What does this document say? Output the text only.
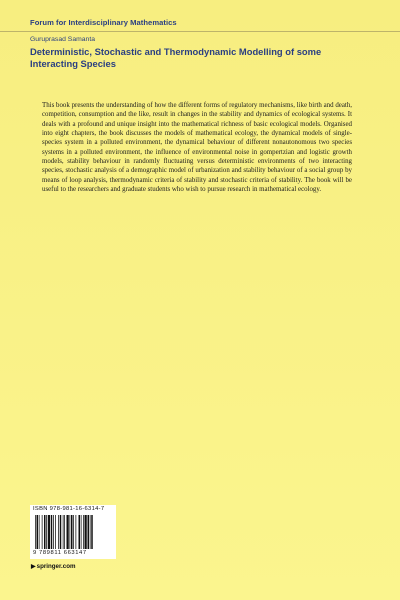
Forum for Interdisciplinary Mathematics
Guruprasad Samanta
Deterministic, Stochastic and Thermodynamic Modelling of some Interacting Species
This book presents the understanding of how the different forms of regulatory mechanisms, like birth and death, competition, consumption and the like, result in changes in the stability and dynamics of ecological systems. It deals with a profound and unique insight into the mathematical richness of basic ecological models. Organised into eight chapters, the book discusses the models of mathematical ecology, the dynamical models of single-species system in a polluted environment, the dynamical behaviour of different nonautonomous two species systems in a polluted environment, the influence of environmental noise in gompertzian and logistic growth models, stability behaviour in randomly fluctuating versus deterministic environments of two interacting species, stochastic analysis of a demographic model of urbanization and stability behaviour of a social group by means of loop analysis, thermodynamic criteria of stability and stochastic criteria of stability. The book will be useful to the researchers and graduate students who wish to pursue research in mathematical ecology.
ISBN 978-981-16-6314-7
9 789811 663147
▶springer.com
